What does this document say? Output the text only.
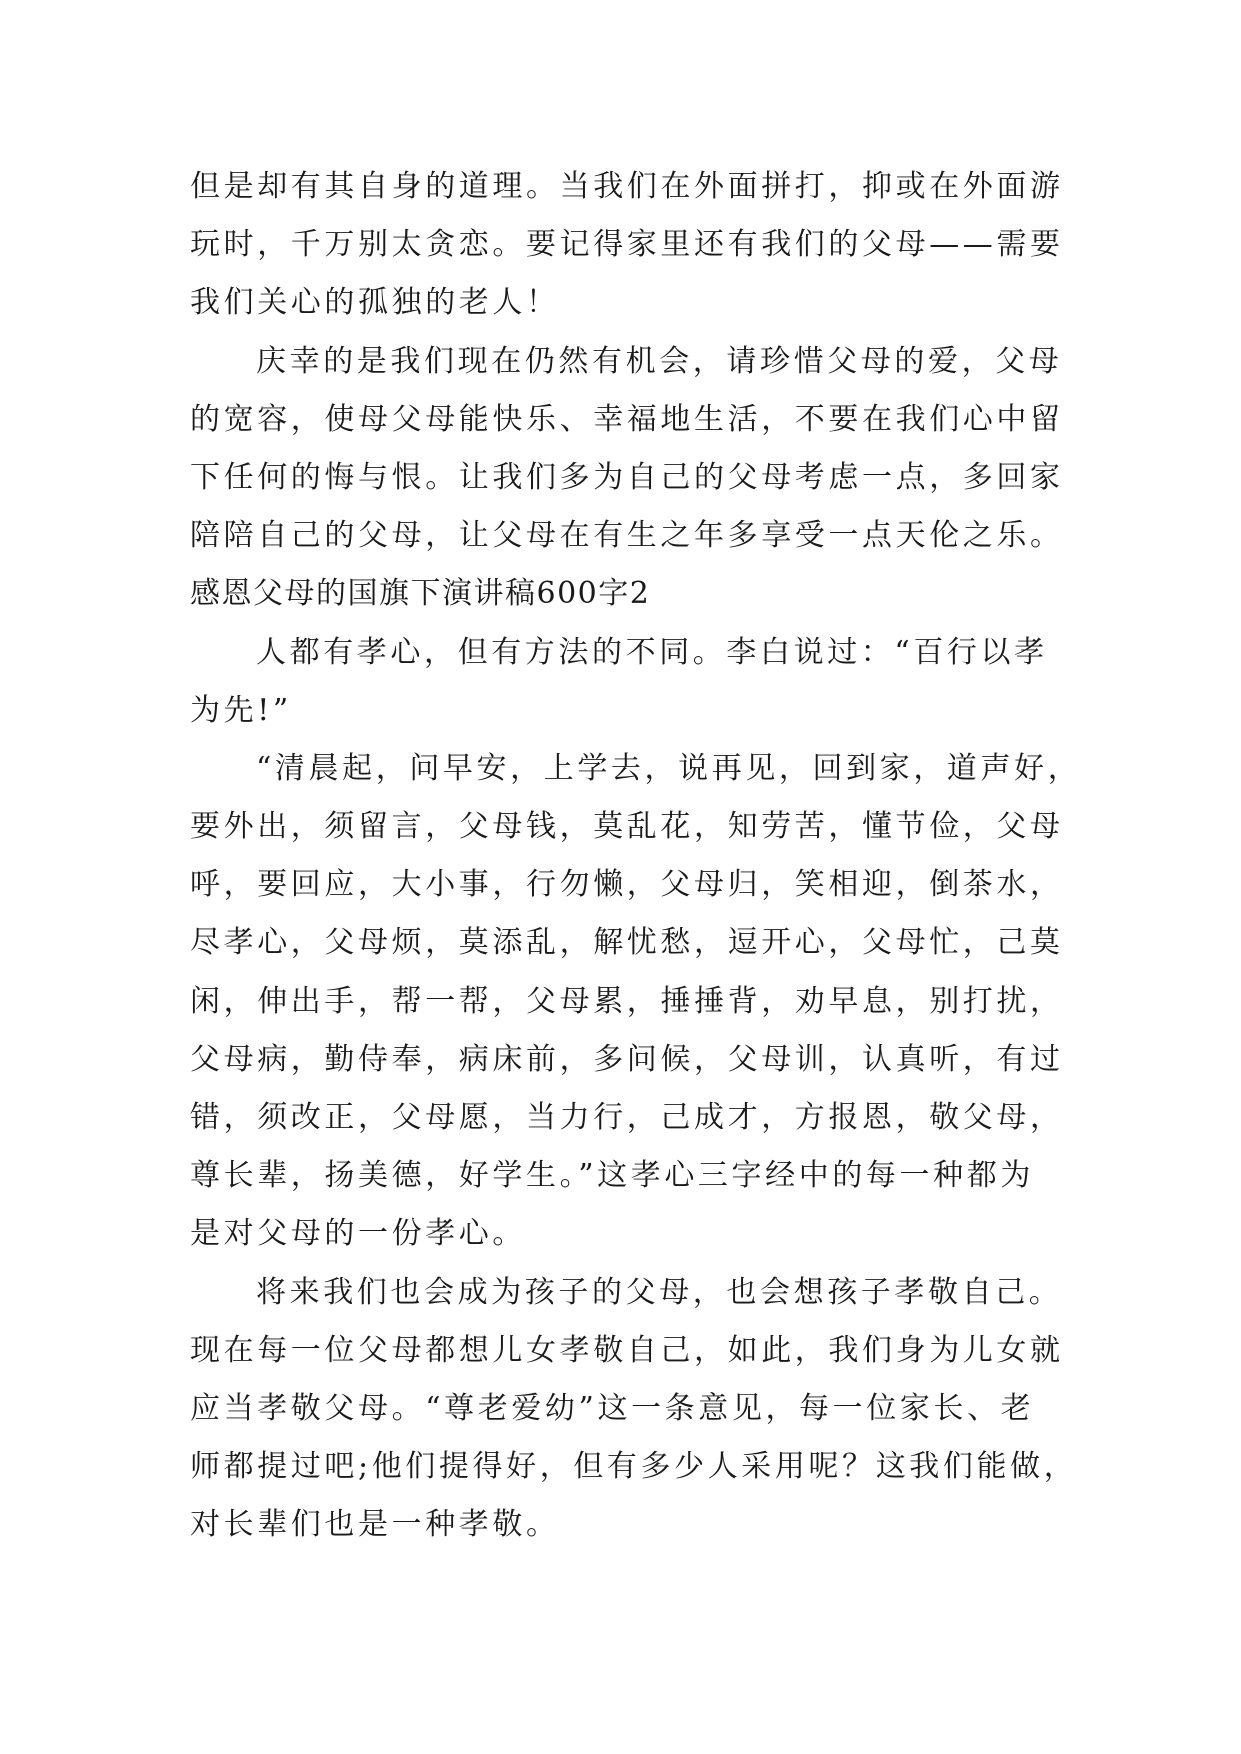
但是却有其自身的道理。当我们在外面拼打，抑或在外面游
玩时，千万别太贪恋。要记得家里还有我们的父母——需要
我们关心的孤独的老人！
庆幸的是我们现在仍然有机会，请珍惜父母的爱，父母
的宽容，使母父母能快乐、幸福地生活，不要在我们心中留
下任何的悔与恨。让我们多为自己的父母考虑一点，多回家
陪陪自己的父母，让父母在有生之年多享受一点天伦之乐。
感恩父母的国旗下演讲稿600字2
人都有孝心，但有方法的不同。李白说过：“百行以孝
为先!”
“清晨起，问早安，上学去，说再见，回到家，道声好，
要外出，须留言，父母钱，莫乱花，知劳苦，懂节俭，父母
呼，要回应，大小事，行勿懒，父母归，笑相迎，倒茶水，
尽孝心，父母烦，莫添乱，解忧愁，逗开心，父母忙，己莫
闲，伸出手，帮一帮，父母累，捶捶背，劝早息，别打扰，
父母病，勤侍奉，病床前，多问候，父母训，认真听，有过
错，须改正，父母愿，当力行，己成才，方报恩，敬父母，
尊长辈，扬美德，好学生。”这孝心三字经中的每一种都为
是对父母的一份孝心。
将来我们也会成为孩子的父母，也会想孩子孝敬自己。
现在每一位父母都想儿女孝敬自己，如此，我们身为儿女就
应当孝敬父母。“尊老爱幼”这一条意见，每一位家长、老
师都提过吧;他们提得好，但有多少人采用呢？这我们能做，
对长辈们也是一种孝敬。
